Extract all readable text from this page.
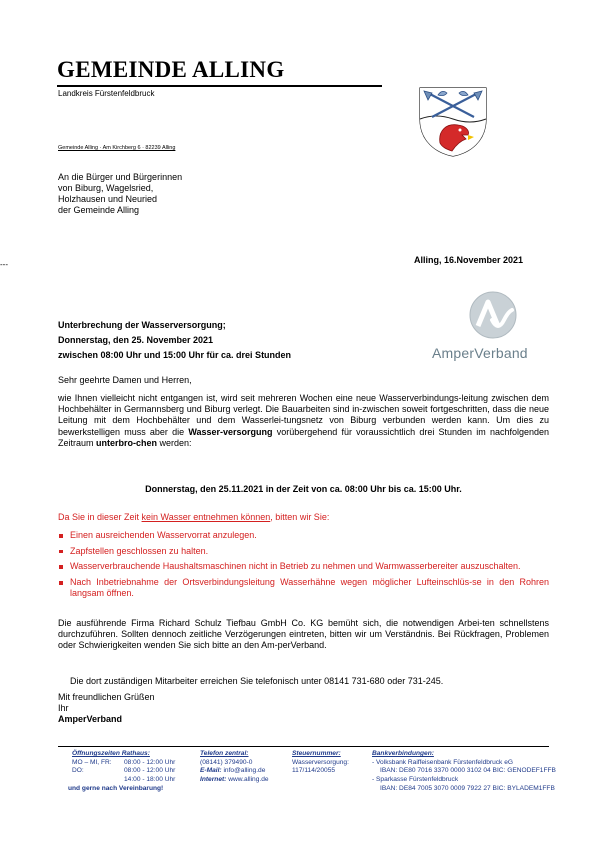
GEMEINDE ALLING
Landkreis Fürstenfeldbruck
Gemeinde Alling · Am Kirchberg 6 · 82239 Alling
An die Bürger und Bürgerinnen
von Biburg, Wagelsried,
Holzhausen und Neuried
der Gemeinde Alling
---	Alling, 16.November 2021
AmperVerband
Unterbrechung der Wasserversorgung;
Donnerstag, den 25. November 2021
zwischen 08:00 Uhr und 15:00 Uhr für ca. drei Stunden
Sehr geehrte Damen und Herren,
wie Ihnen vielleicht nicht entgangen ist, wird seit mehreren Wochen eine neue Wasserverbindungs-leitung zwischen dem Hochbehälter in Germannsberg und Biburg verlegt. Die Bauarbeiten sind in-zwischen soweit fortgeschritten, dass die neue Leitung mit dem Hochbehälter und dem Wasserlei-tungsnetz von Biburg verbunden werden kann. Um dies zu bewerkstelligen muss aber die Wasser-versorgung vorübergehend für voraussichtlich drei Stunden im nachfolgenden Zeitraum unterbro-chen werden:
Donnerstag, den 25.11.2021 in der Zeit von ca. 08:00 Uhr bis ca. 15:00 Uhr.
Da Sie in dieser Zeit kein Wasser entnehmen können, bitten wir Sie:
Einen ausreichenden Wasservorrat anzulegen.
Zapfstellen geschlossen zu halten.
Wasserverbrauchende Haushaltsmaschinen nicht in Betrieb zu nehmen und Warmwasserbereiter auszuschalten.
Nach Inbetriebnahme der Ortsverbindungsleitung Wasserhähne wegen möglicher Lufteinschlüs-se in den Rohren langsam öffnen.
Die ausführende Firma Richard Schulz Tiefbau GmbH Co. KG bemüht sich, die notwendigen Arbei-ten schnellstens durchzuführen. Sollten dennoch zeitliche Verzögerungen eintreten, bitten wir um Verständnis. Bei Rückfragen, Problemen oder Schwierigkeiten wenden Sie sich bitte an den Am-perVerband.
Die dort zuständigen Mitarbeiter erreichen Sie telefonisch unter 08141 731-680 oder 731-245.
Mit freundlichen Grüßen
Ihr
AmperVerband
Öffnungszeiten Rathaus:
MO – MI, FR:	08:00 - 12:00 Uhr
DO:	08:00 - 12:00 Uhr
14:00 - 18:00 Uhr
und gerne nach Vereinbarung!
Telefon zentral:
(08141) 379490-0
E-Mail: info@alling.de
Internet: www.alling.de
Steuernummer:
Wasserversorgung:
117/114/20055
Bankverbindungen:
- Volksbank Raiffeisenbank Fürstenfeldbruck eG
IBAN: DE80 7016 3370 0000 3102 04 BIC: GENODEF1FFB
- Sparkasse Fürstenfeldbruck
IBAN: DE84 7005 3070 0009 7922 27 BIC: BYLADEM1FFB
